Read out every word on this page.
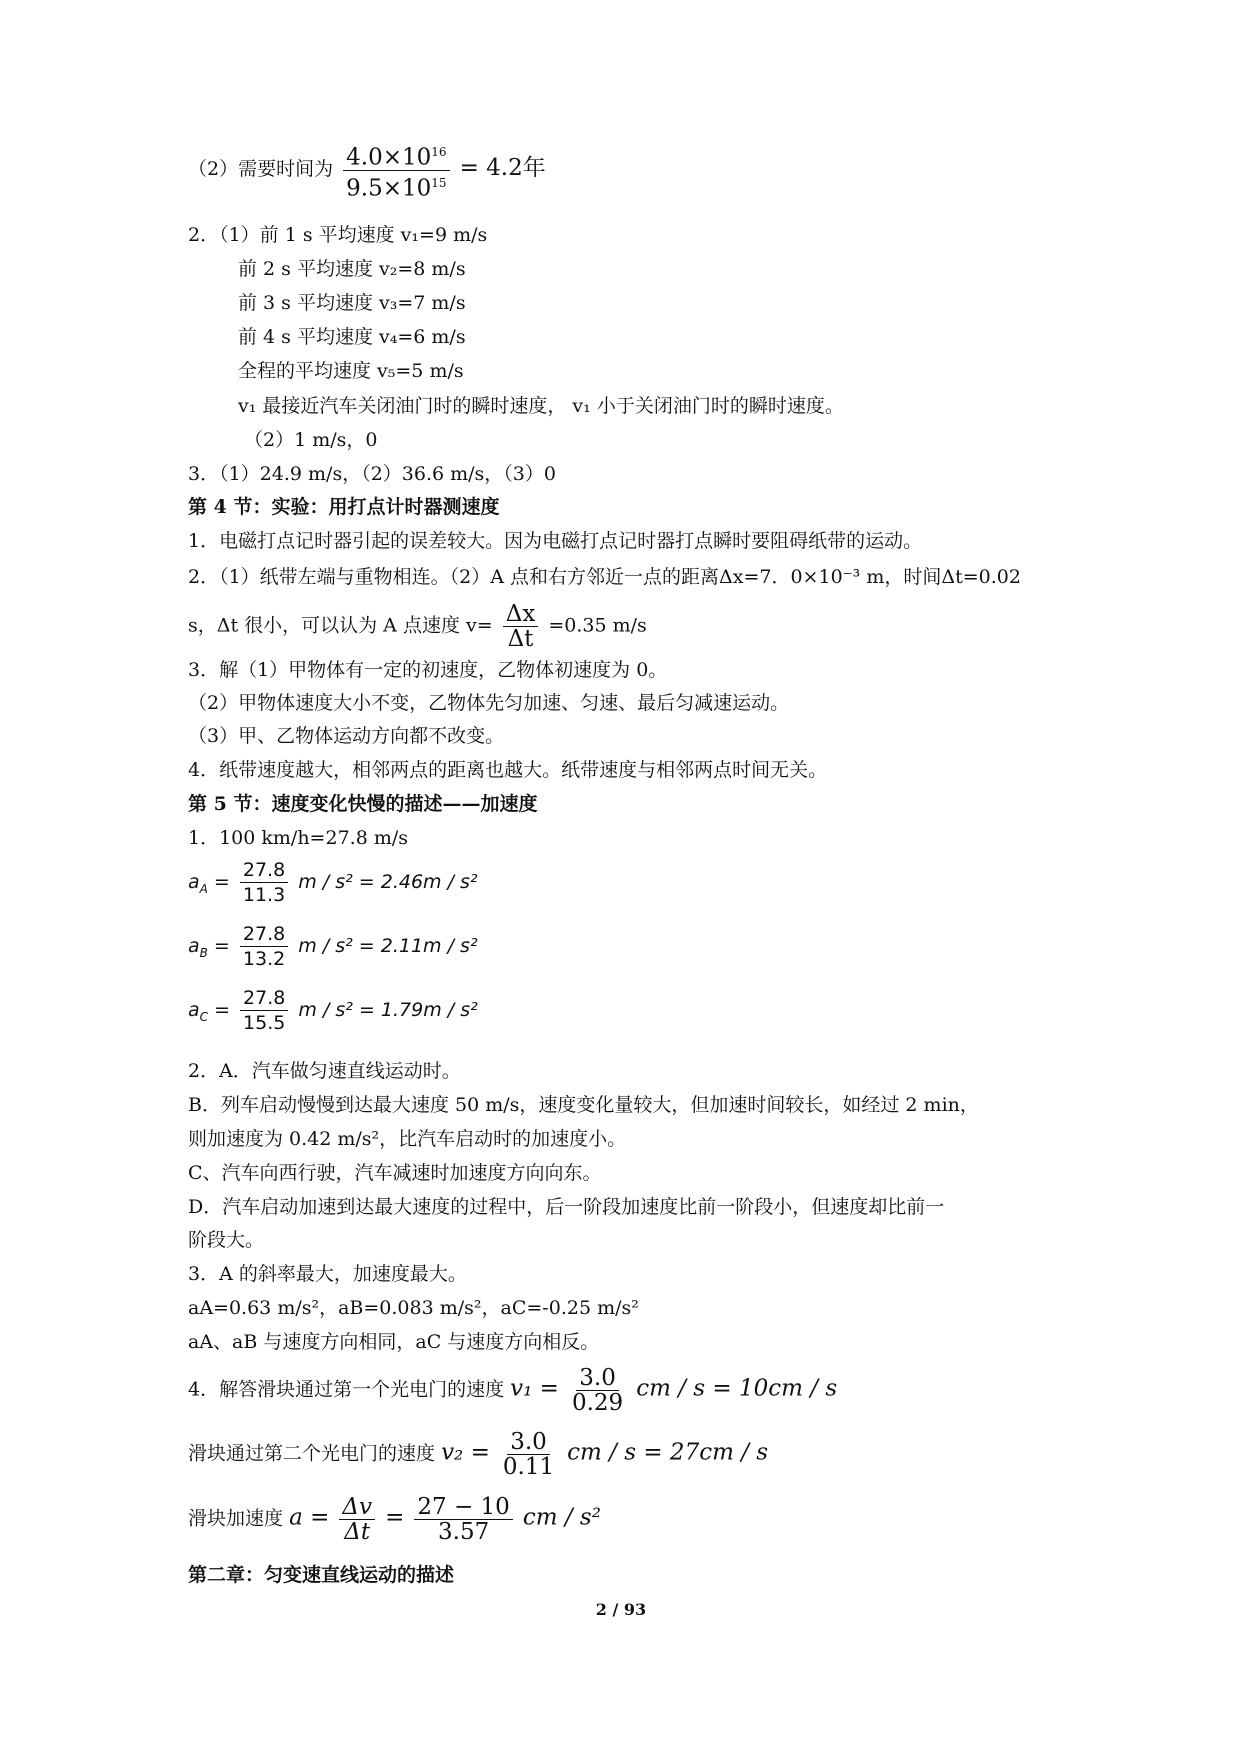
（2）需要时间为 $\frac{4.0\times 10^{16}}{9.5\times 10^{15}} = 4.2$年
2．（1）前 1 s 平均速度 v₁=9 m/s
前 2 s 平均速度 v₂=8 m/s
前 3 s 平均速度 v₃=7 m/s
前 4 s 平均速度 v₄=6 m/s
全程的平均速度 v₅=5 m/s
v₁ 最接近汽车关闭油门时的瞬时速度， v₁ 小于关闭油门时的瞬时速度。
（2）1 m/s，0
3．（1）24.9 m/s，（2）36.6 m/s，（3）0
第 4 节：实验：用打点计时器测速度
1．电磁打点记时器引起的误差较大。因为电磁打点记时器打点瞬时要阻碍纸带的运动。
2．（1）纸带左端与重物相连。（2）A 点和右方邻近一点的距离Δx=7．0×10⁻³ m，时间Δt=0.02
s，Δt 很小，可以认为 A 点速度 $v= \frac{\Delta x}{\Delta t} =0.35$ m/s
3．解（1）甲物体有一定的初速度，乙物体初速度为 0。
（2）甲物体速度大小不变，乙物体先匀加速、匀速、最后匀减速运动。
（3）甲、乙物体运动方向都不改变。
4．纸带速度越大，相邻两点的距离也越大。纸带速度与相邻两点时间无关。
第 5 节：速度变化快慢的描述——加速度
1．100 km/h=27.8 m/s
$a_A = \frac{27.8}{11.3}$ m / s² = 2.46m / s²
$a_B = \frac{27.8}{13.2}$ m / s² = 2.11m / s²
$a_C = \frac{27.8}{15.5}$ m / s² = 1.79m / s²
2．A．汽车做匀速直线运动时。
B．列车启动慢慢到达最大速度 50 m/s，速度变化量较大，但加速时间较长，如经过 2 min，
则加速度为 0.42 m/s²，比汽车启动时的加速度小。
C、汽车向西行驶，汽车减速时加速度方向向东。
D．汽车启动加速到达最大速度的过程中，后一阶段加速度比前一阶段小，但速度却比前一
阶段大。
3．A 的斜率最大，加速度最大。
aA=0.63 m/s²，aB=0.083 m/s²，aC=-0.25 m/s²
aA、aB 与速度方向相同，aC 与速度方向相反。
4．解答滑块通过第一个光电门的速度 $v_1 = \frac{3.0}{0.29}$ cm / s = 10cm / s
滑块通过第二个光电门的速度 $v_2 = \frac{3.0}{0.11}$ cm / s = 27cm / s
滑块加速度 $a = \frac{\Delta v}{\Delta t} = \frac{27 - 10}{3.57}$ cm / s²
第二章：匀变速直线运动的描述
2 / 93
